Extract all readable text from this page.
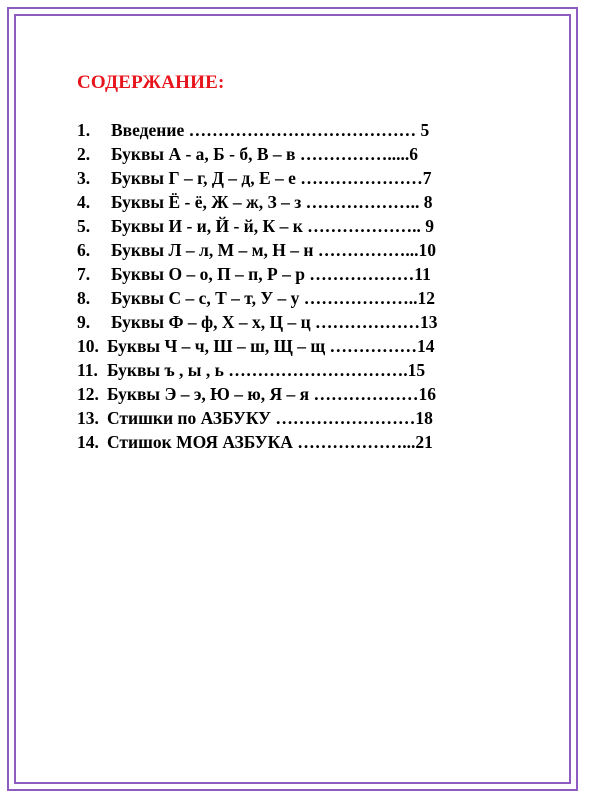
СОДЕРЖАНИЕ:
1.	Введение ………………………………… 5
2.	Буквы А - а, Б - б, В – в …………….....6
3.	Буквы Г – г, Д – д, Е – е …………………7
4.	Буквы Ё - ё, Ж – ж, З – з ……………….. 8
5.	Буквы И - и, Й - й, К – к ……………….. 9
6.	Буквы Л – л, М – м, Н – н ……………...10
7.	Буквы О – о, П – п, Р – р ………………11
8.	Буквы С – с, Т – т, У – у ………………..12
9.	Буквы Ф – ф, Х – х, Ц – ц ………………13
10. Буквы Ч – ч, Ш – ш, Щ – щ ……………14
11. Буквы ъ , ы , ь ………………………….15
12. Буквы Э – э, Ю – ю, Я – я ………………16
13. Стишки по АЗБУКУ ……………………18
14. Стишок МОЯ АЗБУКА ………………...21
